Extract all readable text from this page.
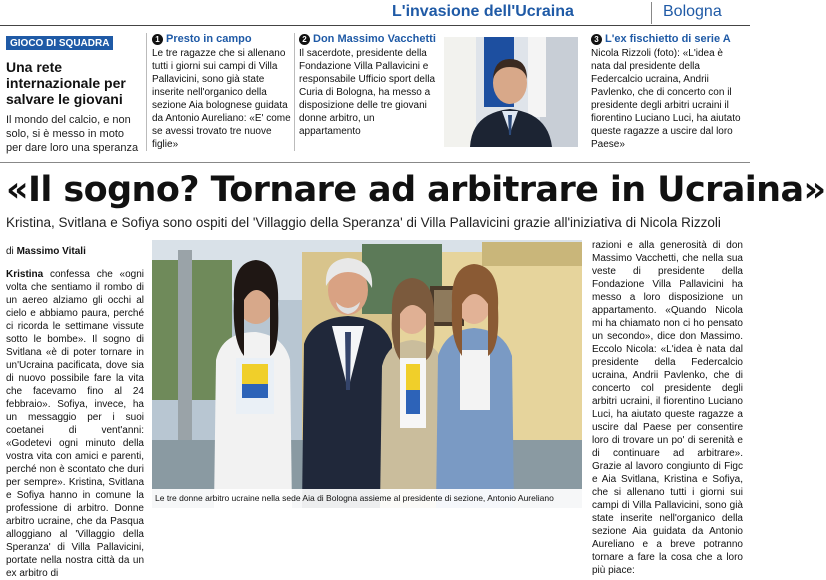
L'invasione dell'Ucraina	Bologna
GIOCO DI SQUADRA
Una rete internazionale per salvare le giovani
Il mondo del calcio, e non solo, si è messo in moto per dare loro una speranza
1 Presto in campo
Le tre ragazze che si allenano tutti i giorni sui campi di Villa Pallavicini, sono già state inserite nell'organico della sezione Aia bolognese guidata da Antonio Aureliano: «E' come se avessi trovato tre nuove figlie»
2 Don Massimo Vacchetti
Il sacerdote, presidente della Fondazione Villa Pallavicini e responsabile Ufficio sport della Curia di Bologna, ha messo a disposizione delle tre giovani donne arbitro, un appartamento
3 L'ex fischietto di serie A
Nicola Rizzoli (foto): «L'idea è nata dal presidente della Federcalcio ucraina, Andrii Pavlenko, che di concerto con il presidente degli arbitri ucraini il fiorentino Luciano Luci, ha aiutato queste ragazze a uscire dal loro Paese»
«Il sogno? Tornare ad arbitrare in Ucraina»
Kristina, Svitlana e Sofiya sono ospiti del 'Villaggio della Speranza' di Villa Pallavicini grazie all'iniziativa di Nicola Rizzoli
di Massimo Vitali
Kristina confessa che «ogni volta che sentiamo il rombo di un aereo alziamo gli occhi al cielo e abbiamo paura, perché ci ricorda le settimane vissute sotto le bombe». Il sogno di Svitlana «è di poter tornare in un'Ucraina pacificata, dove sia di nuovo possibile fare la vita che facevamo fino al 24 febbraio». Sofiya, invece, ha un messaggio per i suoi coetanei di vent'anni: «Godetevi ogni minuto della vostra vita con amici e parenti, perché non è scontato che duri per sempre». Kristina, Svitlana e Sofiya hanno in comune la professione di arbitro. Donne arbitro ucraine, che da Pasqua alloggiano al 'Villaggio della Speranza' di Villa Pallavicini, portate nella nostra città da un ex arbitro di
Le tre donne arbitro ucraine nella sede Aia di Bologna assieme al presidente di sezione, Antonio Aureliano
razioni e alla generosità di don Massimo Vacchetti, che nella sua veste di presidente della Fondazione Villa Pallavicini ha messo a loro disposizione un appartamento. «Quando Nicola mi ha chiamato non ci ho pensato un secondo», dice don Massimo. Eccolo Nicola: «L'idea è nata dal presidente della Federcalcio ucraina, Andrii Pavlenko, che di concerto col presidente degli arbitri ucraini, il fiorentino Luciano Luci, ha aiutato queste ragazze a uscire dal Paese per consentire loro di trovare un po' di serenità e di continuare ad arbitrare». Grazie al lavoro congiunto di Figc e Aia Svitlana, Kristina e Sofiya, che si allenano tutti i giorni sui campi di Villa Pallavicini, sono già state inserite nell'organico della sezione Aia guidata da Antonio Aureliano e a breve potranno tornare a fare la cosa che a loro più piace:
